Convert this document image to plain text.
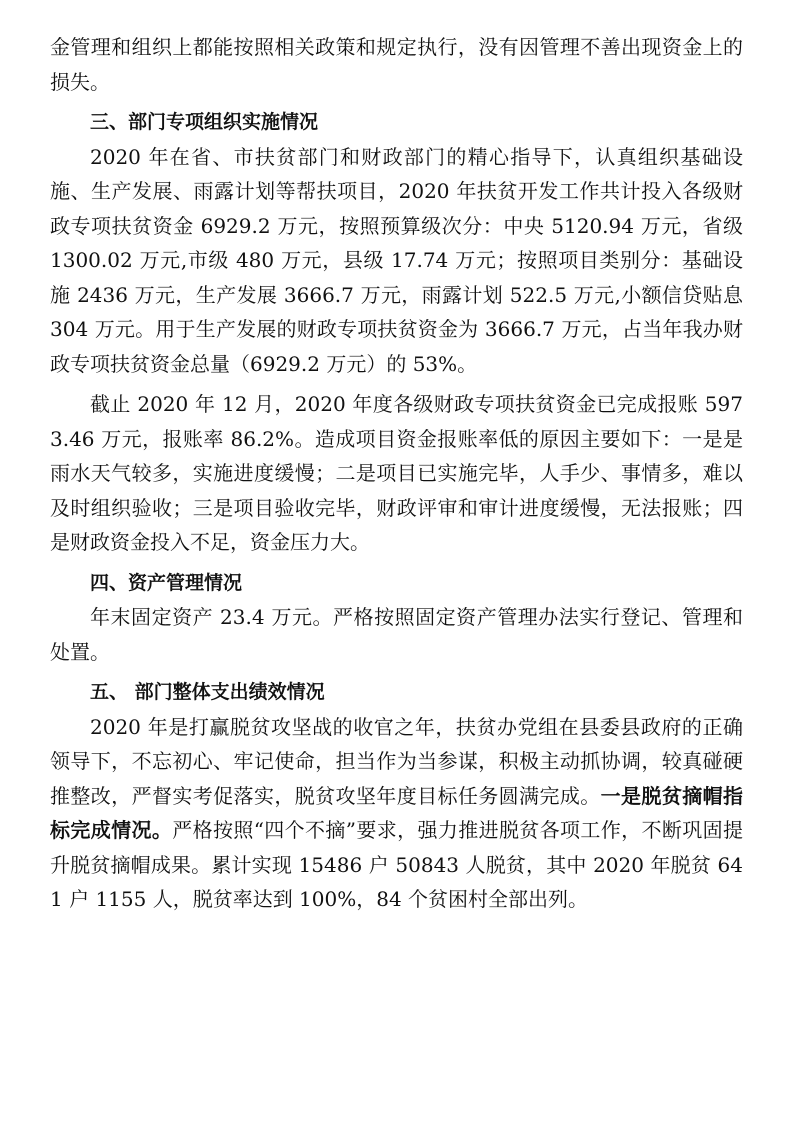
金管理和组织上都能按照相关政策和规定执行，没有因管理不善出现资金上的损失。

三、部门专项组织实施情况

2020 年在省、市扶贫部门和财政部门的精心指导下，认真组织基础设施、生产发展、雨露计划等帮扶项目，2020 年扶贫开发工作共计投入各级财政专项扶贫资金 6929.2 万元，按照预算级次分：中央 5120.94 万元，省级 1300.02 万元,市级 480 万元，县级 17.74 万元；按照项目类别分：基础设施 2436 万元，生产发展 3666.7 万元，雨露计划 522.5 万元,小额信贷贴息 304 万元。用于生产发展的财政专项扶贫资金为 3666.7 万元，占当年我办财政专项扶贫资金总量（6929.2 万元）的 53%。

截止 2020 年 12 月，2020 年度各级财政专项扶贫资金已完成报账 5973.46 万元，报账率 86.2%。造成项目资金报账率低的原因主要如下：一是是雨水天气较多，实施进度缓慢；二是项目已实施完毕，人手少、事情多，难以及时组织验收；三是项目验收完毕，财政评审和审计进度缓慢，无法报账；四是财政资金投入不足，资金压力大。

四、资产管理情况

年末固定资产 23.4 万元。严格按照固定资产管理办法实行登记、管理和处置。

五、 部门整体支出绩效情况

2020 年是打赢脱贫攻坚战的收官之年，扶贫办党组在县委县政府的正确领导下，不忘初心、牢记使命，担当作为当参谋，积极主动抓协调，较真碰硬推整改，严督实考促落实，脱贫攻坚年度目标任务圆满完成。一是脱贫摘帽指标完成情况。严格按照“四个不摘”要求，强力推进脱贫各项工作，不断巩固提升脱贫摘帽成果。累计实现 15486 户 50843 人脱贫，其中 2020 年脱贫 641 户 1155 人，脱贫率达到 100%，84 个贫困村全部出列。
